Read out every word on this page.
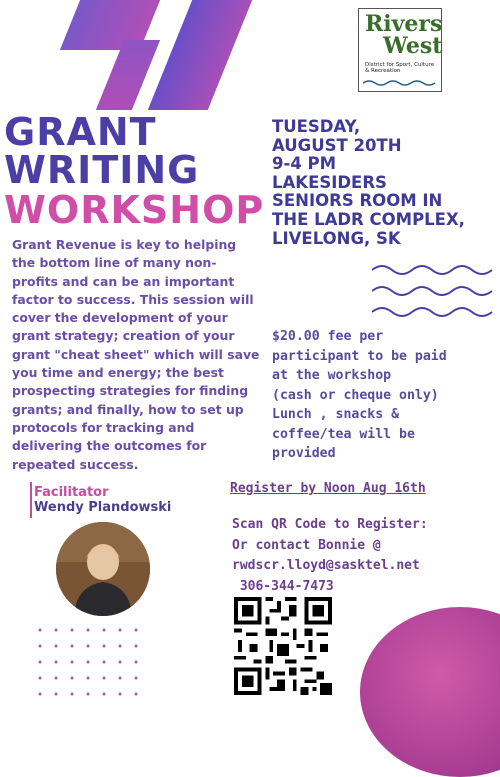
Rivers
West
District for Sport, Culture & Recreation
GRANT
WRITING
WORKSHOP
Grant Revenue is key to helping the bottom line of many non-profits and can be an important factor to success. This session will cover the development of your grant strategy; creation of your grant "cheat sheet" which will save you time and energy; the best prospecting strategies for finding grants; and finally, how to set up protocols for tracking and delivering the outcomes for repeated success.
TUESDAY,
AUGUST 20TH
9-4 PM
LAKESIDERS
SENIORS ROOM IN
THE LADR COMPLEX,
LIVELONG, SK
$20.00 fee per
participant to be paid
at the workshop
(cash or cheque only)
Lunch , snacks &
coffee/tea will be
provided
Facilitator
Wendy Plandowski
Register by Noon Aug 16th
Scan QR Code to Register:
Or contact Bonnie @
rwdscr.lloyd@sasktel.net
306-344-7473
